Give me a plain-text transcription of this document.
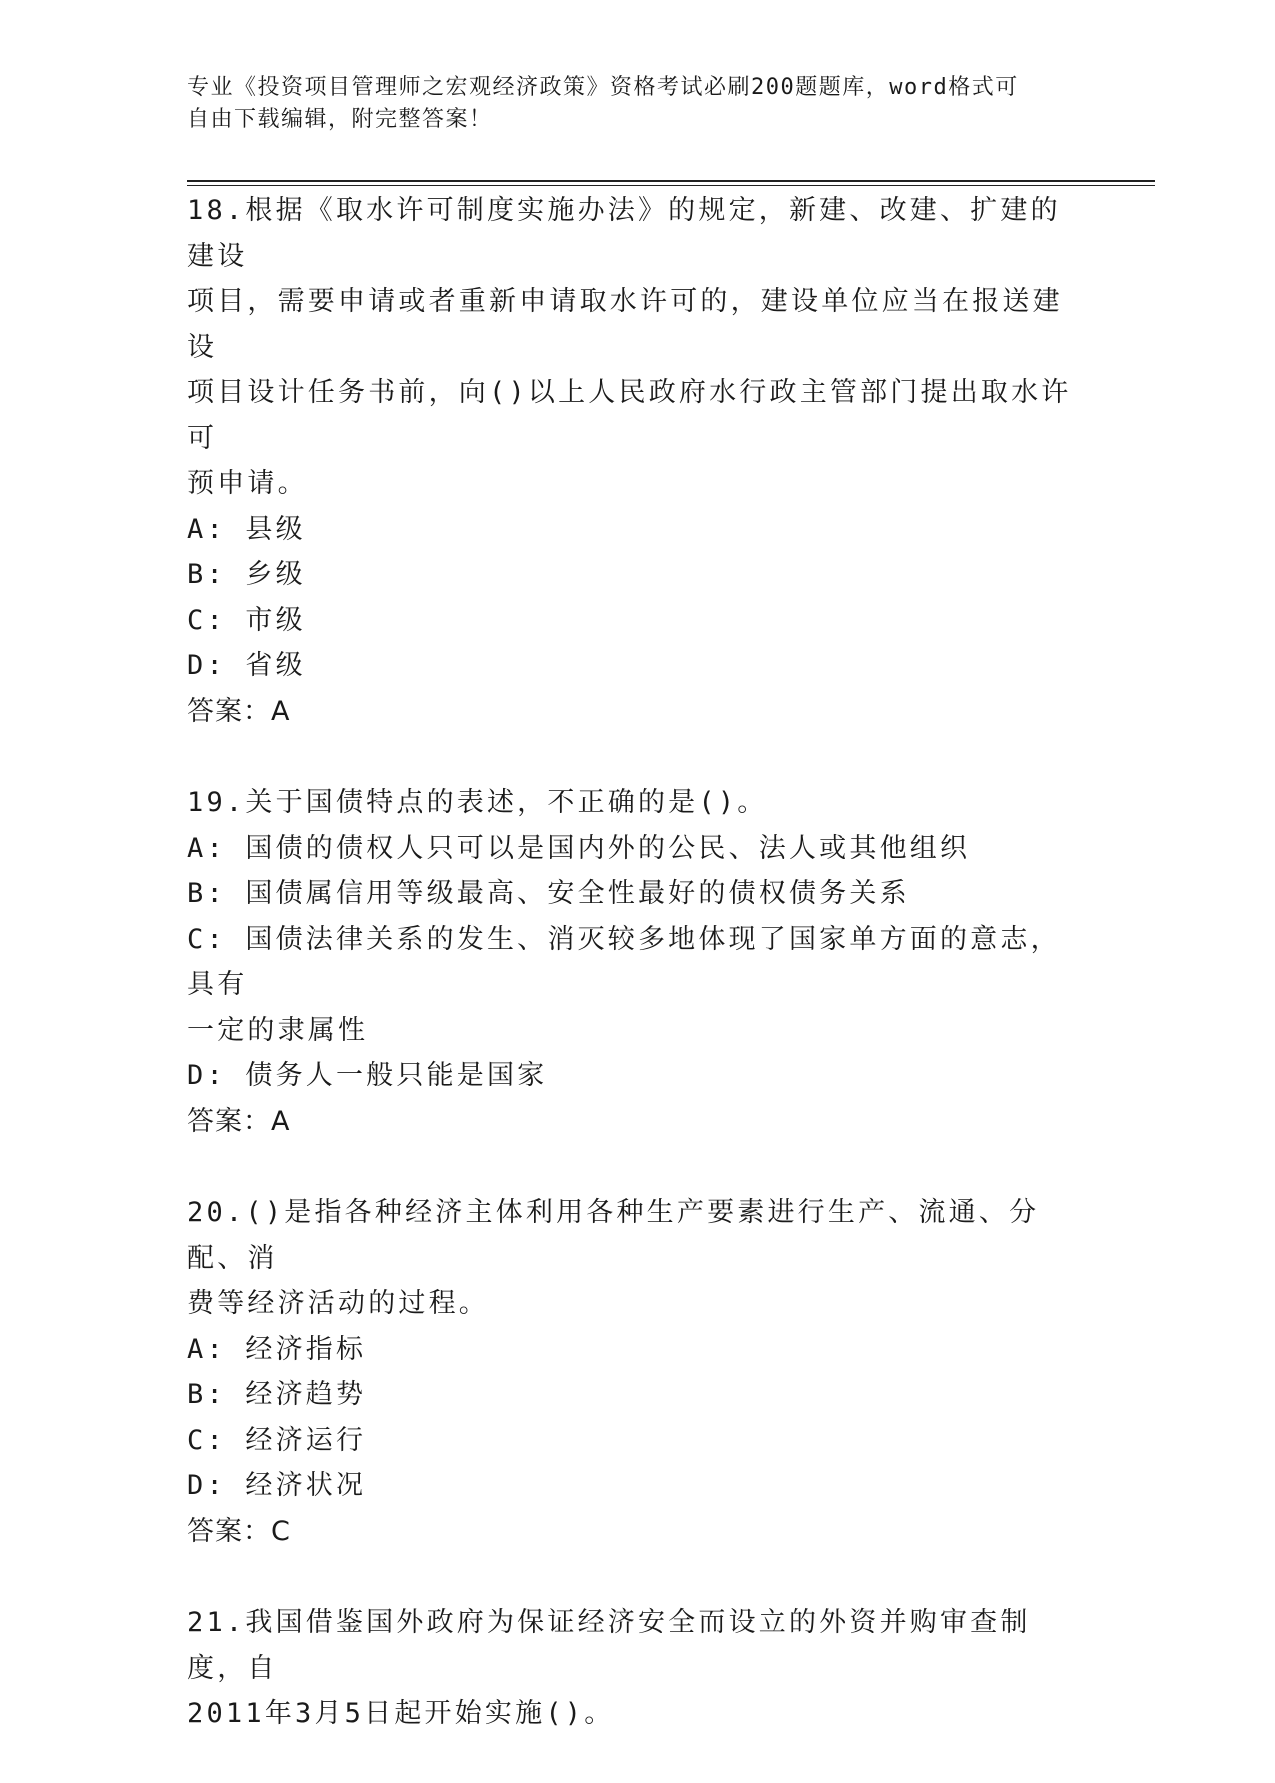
专业《投资项目管理师之宏观经济政策》资格考试必刷200题题库，word格式可

自由下载编辑，附完整答案！

18.根据《取水许可制度实施办法》的规定，新建、改建、扩建的建设

项目，需要申请或者重新申请取水许可的，建设单位应当在报送建设

项目设计任务书前，向()以上人民政府水行政主管部门提出取水许可

预申请。

A: 县级

B: 乡级

C: 市级

D: 省级

答案：A

19.关于国债特点的表述，不正确的是()。

A: 国债的债权人只可以是国内外的公民、法人或其他组织

B: 国债属信用等级最高、安全性最好的债权债务关系

C: 国债法律关系的发生、消灭较多地体现了国家单方面的意志，具有

一定的隶属性

D: 债务人一般只能是国家

答案：A

20.()是指各种经济主体利用各种生产要素进行生产、流通、分配、消

费等经济活动的过程。

A: 经济指标

B: 经济趋势

C: 经济运行

D: 经济状况

答案：C

21.我国借鉴国外政府为保证经济安全而设立的外资并购审查制度，自

2011年3月5日起开始实施()。
